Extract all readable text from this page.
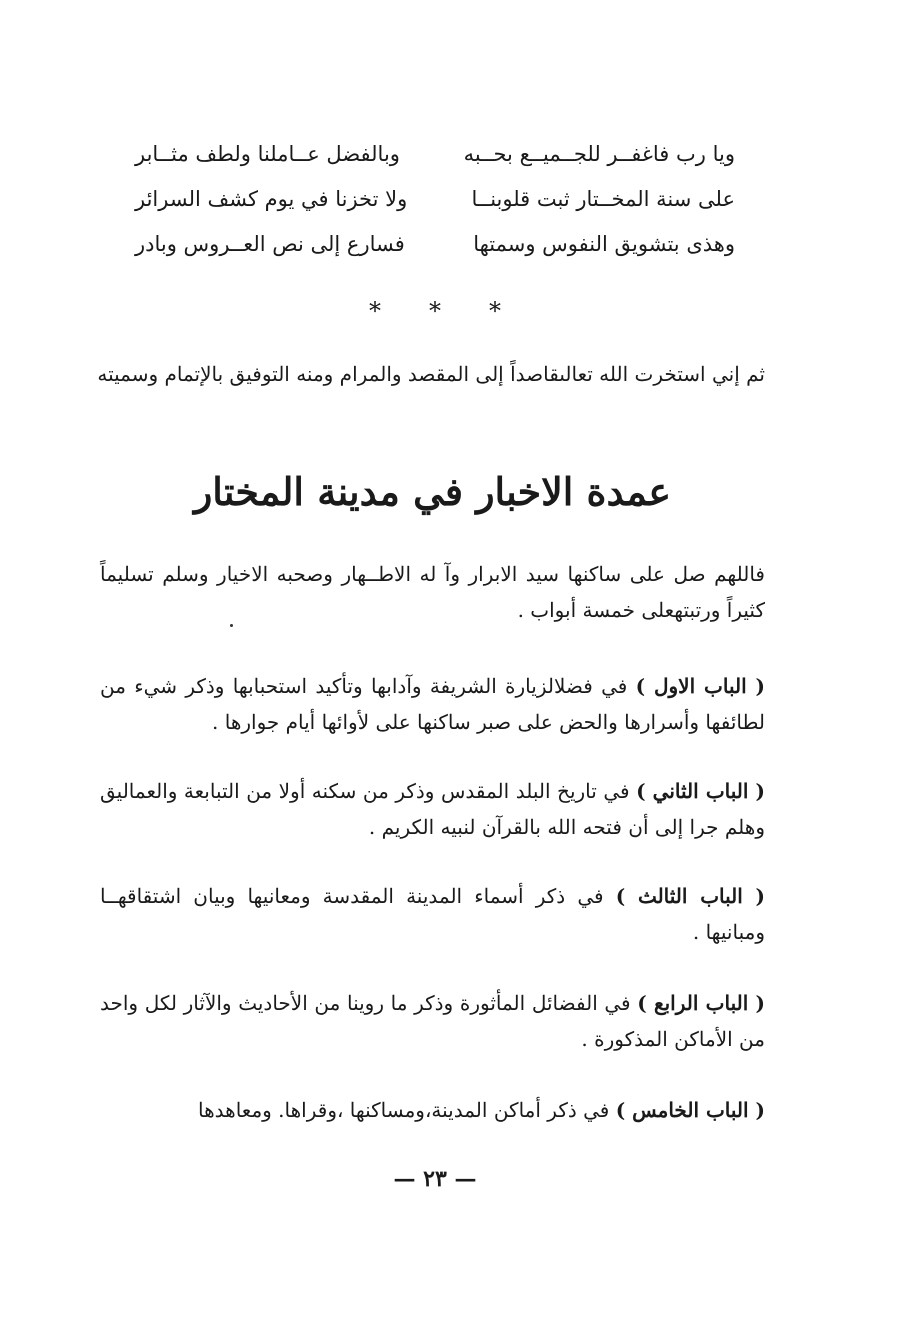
ويا رب فاغفــر للجــميــع بحــبه
وبالفضل عــاملنا ولطف مثــابر
على سنة المخــتار ثبت قلوبنــا
ولا تخزنا في يوم كشف السرائر
وهذى بتشويق النفوس وسمتها
فسارع إلى نص العــروس وبادر
*	*	*
ثم إني استخرت الله تعالىقاصداً إلى المقصد والمرام ومنه التوفيق بالإتمام وسميته
عمدة الاخبار في مدينة المختار
فاللهم صل على ساكنها سيد الابرار وآ له الاطــهار وصحبه الاخيار وسلم تسليماً كثيراً ورتبتهعلى خمسة أبواب .
( الباب الاول ) في فضلالزيارة الشريفة وآدابها وتأكيد استحبابها وذكر شيء من لطائفها وأسرارها والحض على صبر ساكنها على لأوائها أيام جوارها .
( الباب الثاني ) في تاريخ البلد المقدس وذكر من سكنه أولا من التبابعة والعماليق وهلم جرا إلى أن فتحه الله بالقرآن لنبيه الكريم .
( الباب الثالث ) في ذكر أسماء المدينة المقدسة ومعانيها وبيان اشتقاقهــا ومبانيها .
( الباب الرابع ) في الفضائل المأثورة وذكر ما روينا من الأحاديث والآثار لكل واحد من الأماكن المذكورة .
( الباب الخامس ) في ذكر أماكن المدينة،ومساكنها ،وقراها. ومعاهدها
— ٢٣ —
